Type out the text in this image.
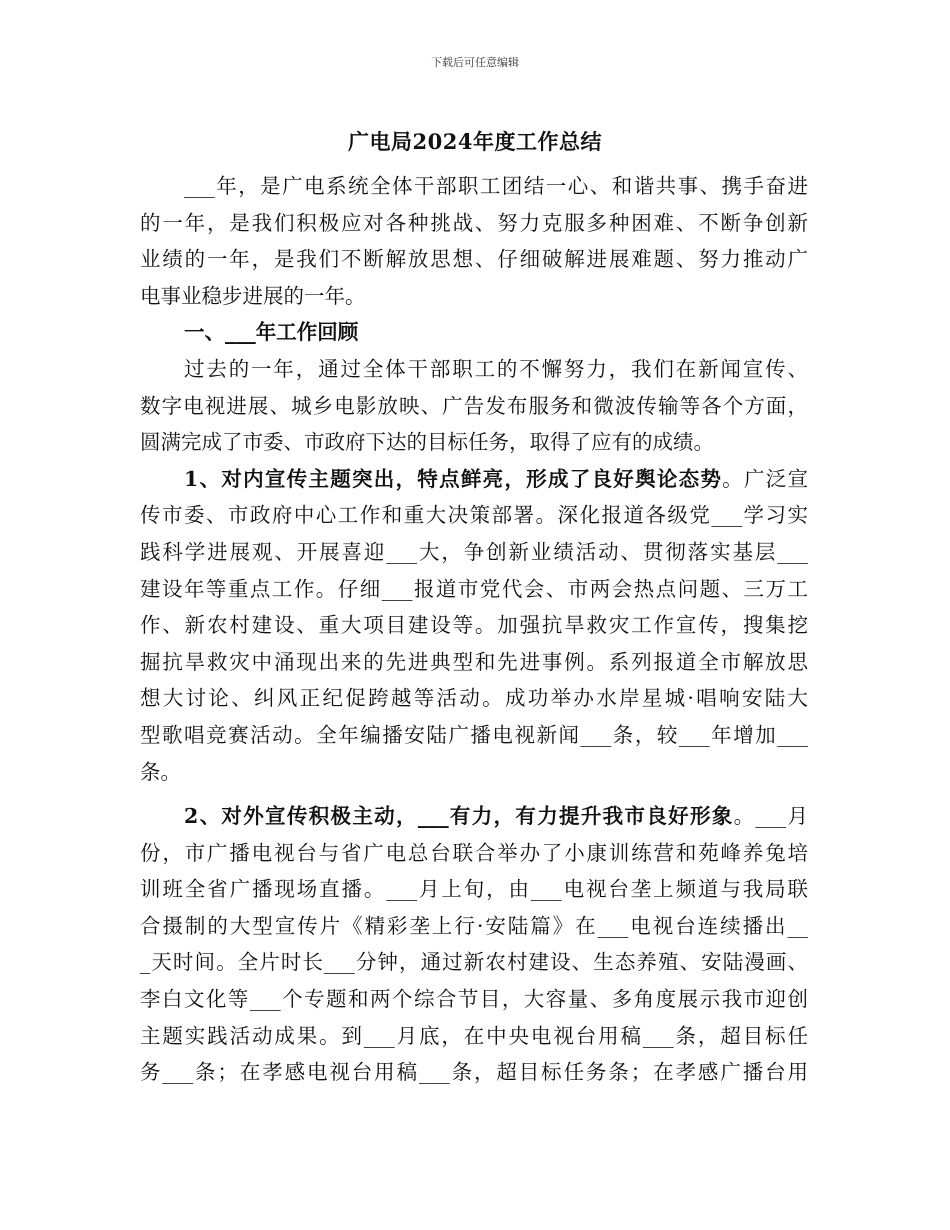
下载后可任意编辑
广电局2024年度工作总结
___年，是广电系统全体干部职工团结一心、和谐共事、携手奋进
的一年，是我们积极应对各种挑战、努力克服多种困难、不断争创新
业绩的一年，是我们不断解放思想、仔细破解进展难题、努力推动广
电事业稳步进展的一年。
一、___年工作回顾
过去的一年，通过全体干部职工的不懈努力，我们在新闻宣传、
数字电视进展、城乡电影放映、广告发布服务和微波传输等各个方面，
圆满完成了市委、市政府下达的目标任务，取得了应有的成绩。
1、对内宣传主题突出，特点鲜亮，形成了良好舆论态势。广泛宣
传市委、市政府中心工作和重大决策部署。深化报道各级党___学习实
践科学进展观、开展喜迎___大，争创新业绩活动、贯彻落实基层___
建设年等重点工作。仔细___报道市党代会、市两会热点问题、三万工
作、新农村建设、重大项目建设等。加强抗旱救灾工作宣传，搜集挖
掘抗旱救灾中涌现出来的先进典型和先进事例。系列报道全市解放思
想大讨论、纠风正纪促跨越等活动。成功举办水岸星城·唱响安陆大
型歌唱竞赛活动。全年编播安陆广播电视新闻___条，较___年增加___
条。
2、对外宣传积极主动，___有力，有力提升我市良好形象。___月
份，市广播电视台与省广电总台联合举办了小康训练营和苑峰养兔培
训班全省广播现场直播。___月上旬，由___电视台垄上频道与我局联
合摄制的大型宣传片《精彩垄上行·安陆篇》在___电视台连续播出__
_天时间。全片时长___分钟，通过新农村建设、生态养殖、安陆漫画、
李白文化等___个专题和两个综合节目，大容量、多角度展示我市迎创
主题实践活动成果。到___月底，在中央电视台用稿___条，超目标任
务___条；在孝感电视台用稿___条，超目标任务条；在孝感广播台用
